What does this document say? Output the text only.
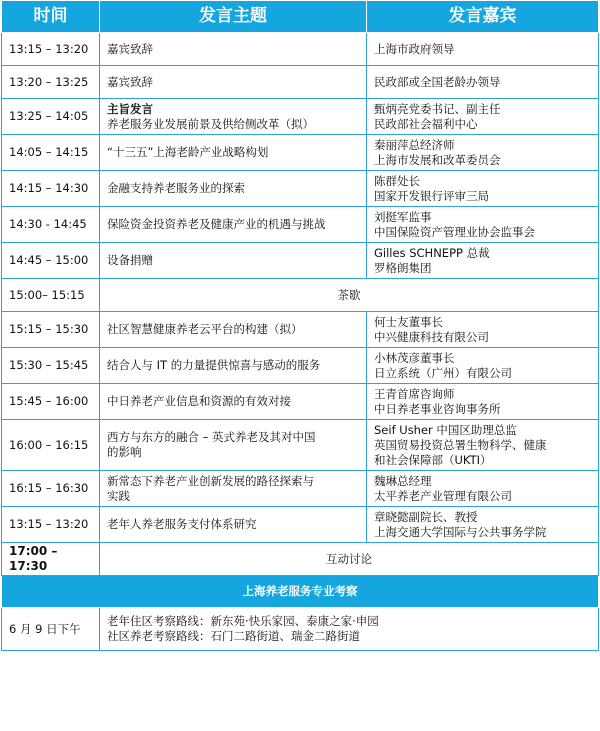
时间	发言主题	发言嘉宾
13:15 – 13:20	嘉宾致辞	上海市政府领导

13:20 – 13:25	嘉宾致辞	民政部或全国老龄办领导

13:25 – 14:05	主旨发言
养老服务业发展前景及供给侧改革（拟）	甄炳亮党委书记、副主任
民政部社会福利中心

14:05 – 14:15	“十三五”上海老龄产业战略构划	秦丽萍总经济师
上海市发展和改革委员会

14:15 – 14:30	金融支持养老服务业的探索	陈群处长
国家开发银行评审三局

14:30 - 14:45	保险资金投资养老及健康产业的机遇与挑战	刘挺军监事
中国保险资产管理业协会监事会

14:45 – 15:00	设备捐赠	Gilles SCHNEPP 总裁
罗格朗集团

15:00– 15:15	茶歇	
15:15 – 15:30	社区智慧健康养老云平台的构建（拟）	何士友董事长
中兴健康科技有限公司

15:30 – 15:45	结合人与 IT 的力量提供惊喜与感动的服务	小林茂彦董事长
日立系统（广州）有限公司

15:45 – 16:00	中日养老产业信息和资源的有效对接	王青首席咨询师
中日养老事业咨询事务所

16:00 – 16:15	西方与东方的融合 – 英式养老及其对中国
的影响	Seif Usher 中国区助理总监
英国贸易投资总署生物科学、健康
和社会保障部（UKTI）

16:15 – 16:30	新常态下养老产业创新发展的路径探索与
实践	魏琳总经理
太平养老产业管理有限公司

13:15 – 13:20	老年人养老服务支付体系研究	章晓懿副院长、教授
上海交通大学国际与公共事务学院

17:00 – 17:30	互动讨论	
上海养老服务专业考察		
6 月 9 日下午	老年住区考察路线：新东苑·快乐家园、泰康之家·申园
社区养老考察路线：石门二路街道、瑞金二路街道	
